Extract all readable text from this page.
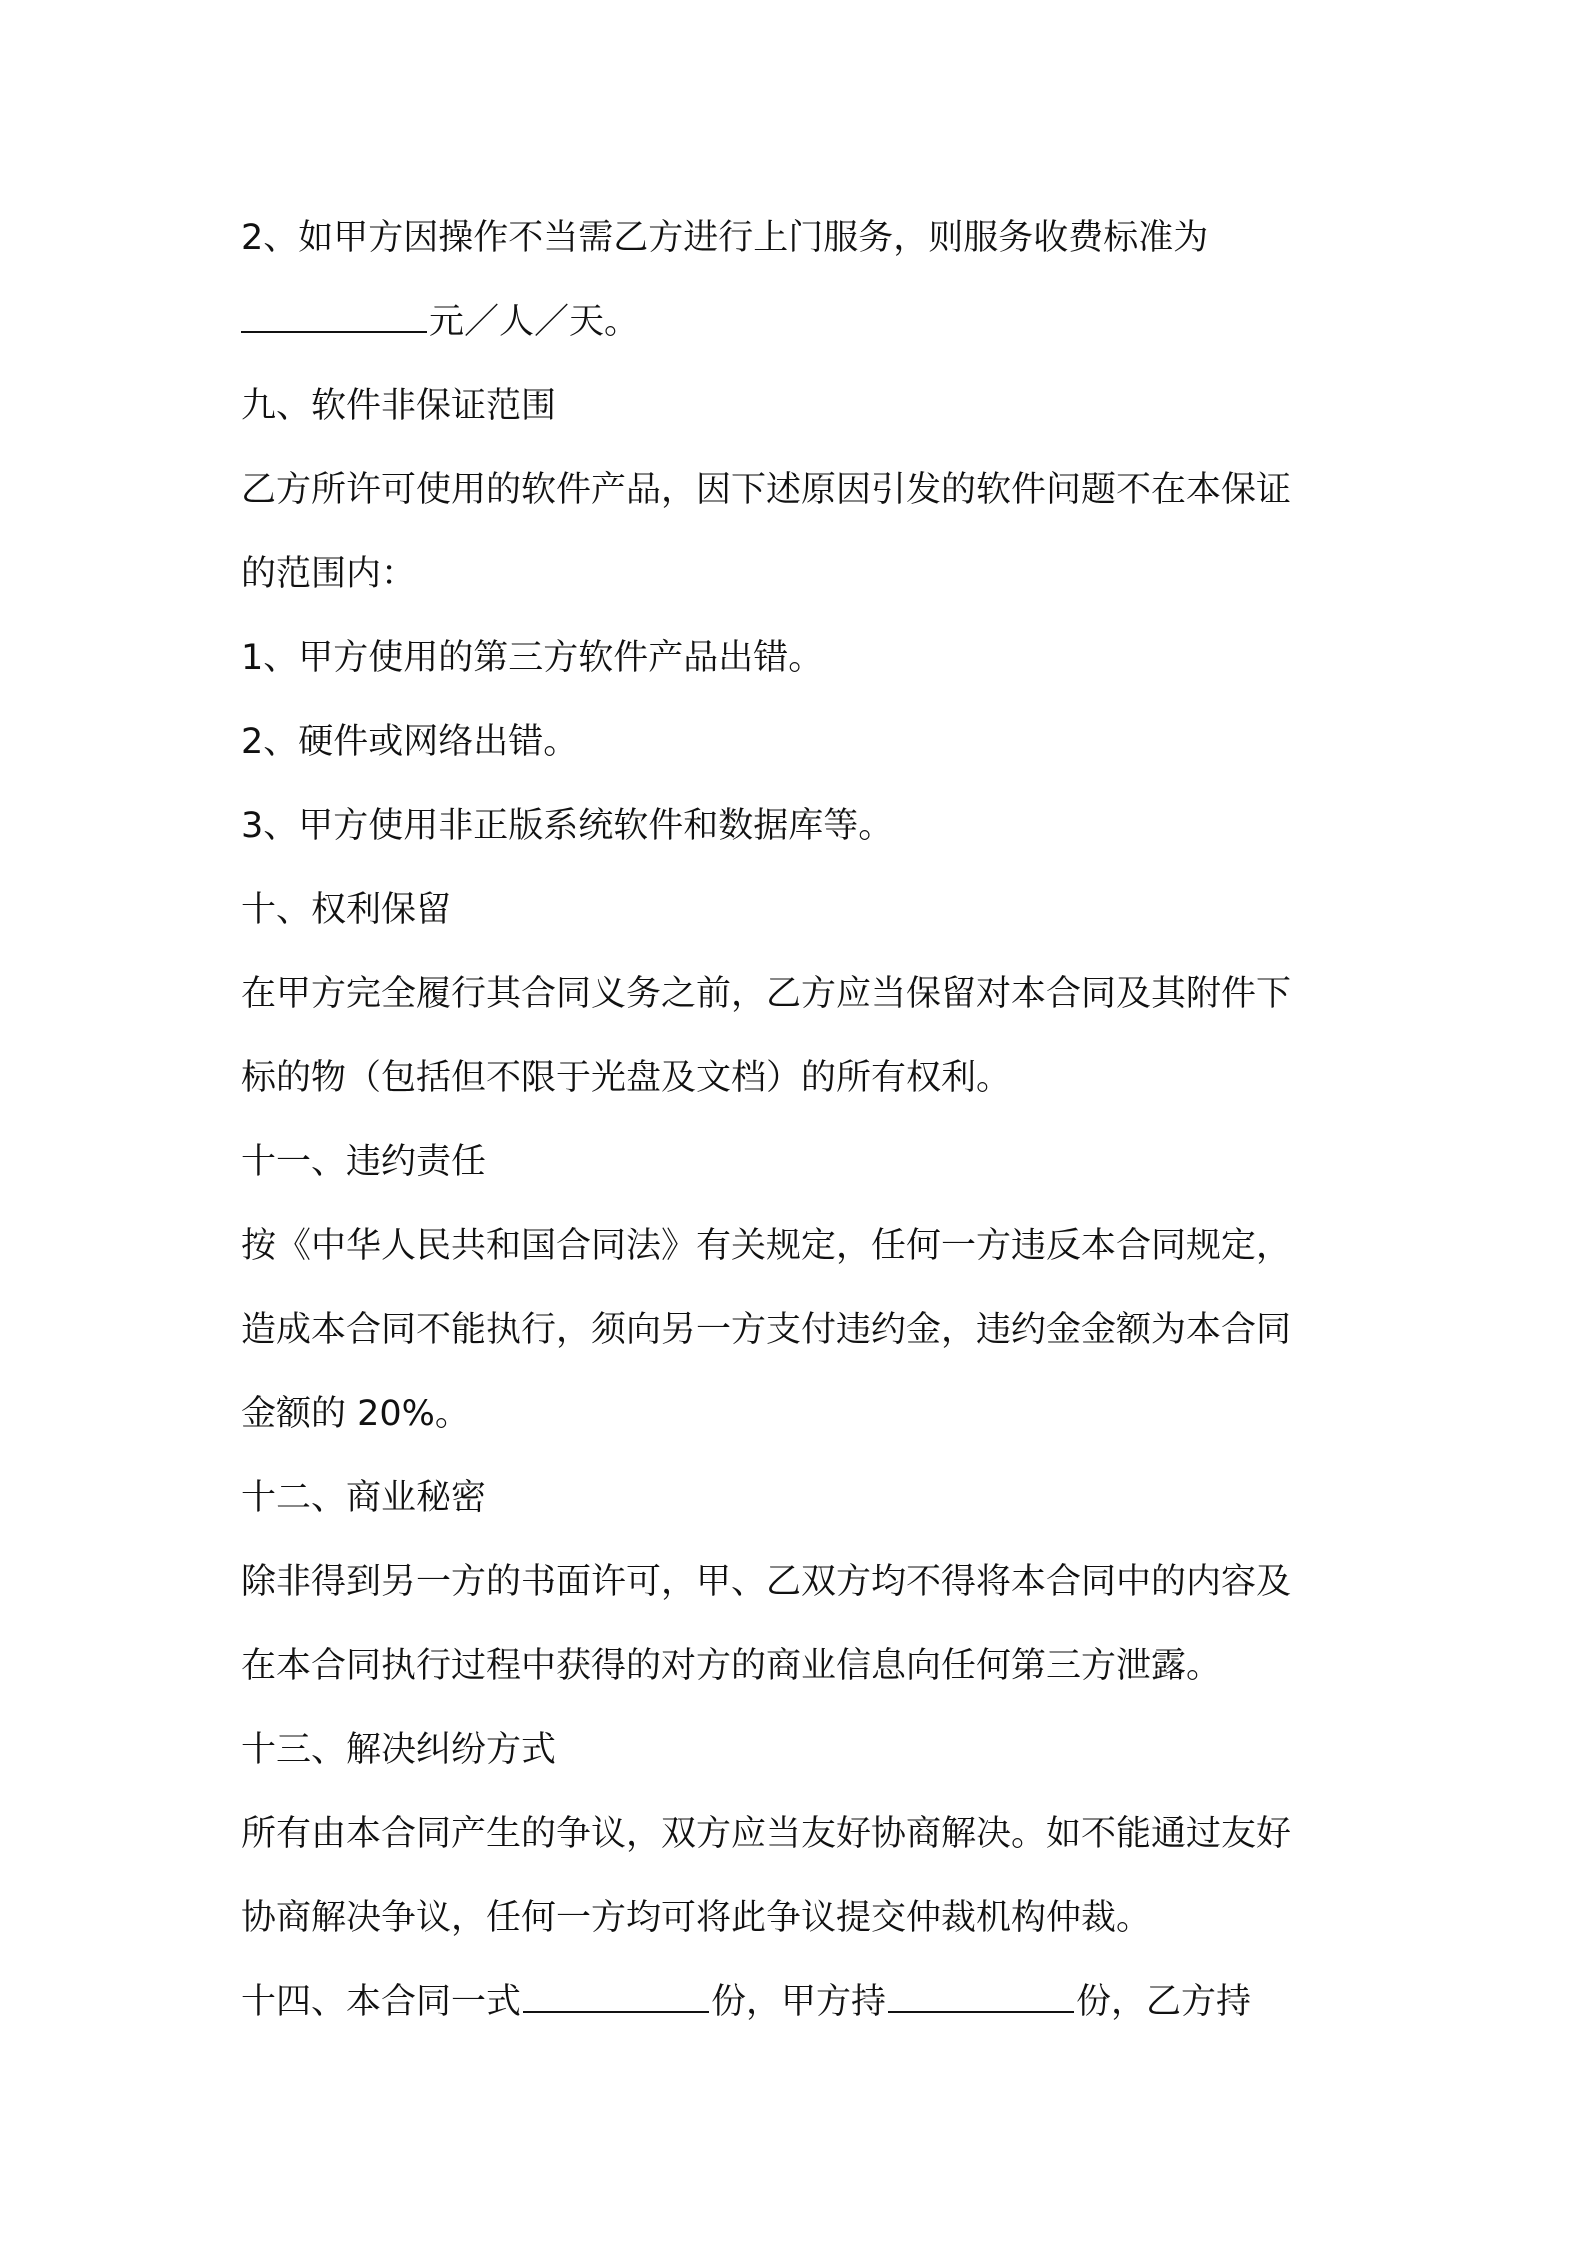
2、如甲方因操作不当需乙方进行上门服务，则服务收费标准为
元／人／天。
九、软件非保证范围
乙方所许可使用的软件产品，因下述原因引发的软件问题不在本保证
的范围内：
1、甲方使用的第三方软件产品出错。
2、硬件或网络出错。
3、甲方使用非正版系统软件和数据库等。
十、权利保留
在甲方完全履行其合同义务之前，乙方应当保留对本合同及其附件下
标的物（包括但不限于光盘及文档）的所有权利。
十一、违约责任
按《中华人民共和国合同法》有关规定，任何一方违反本合同规定，
造成本合同不能执行，须向另一方支付违约金，违约金金额为本合同
金额的 20%。
十二、商业秘密
除非得到另一方的书面许可，甲、乙双方均不得将本合同中的内容及
在本合同执行过程中获得的对方的商业信息向任何第三方泄露。
十三、解决纠纷方式
所有由本合同产生的争议，双方应当友好协商解决。如不能通过友好
协商解决争议，任何一方均可将此争议提交仲裁机构仲裁。
十四、本合同一式	份，甲方持	份，乙方持
